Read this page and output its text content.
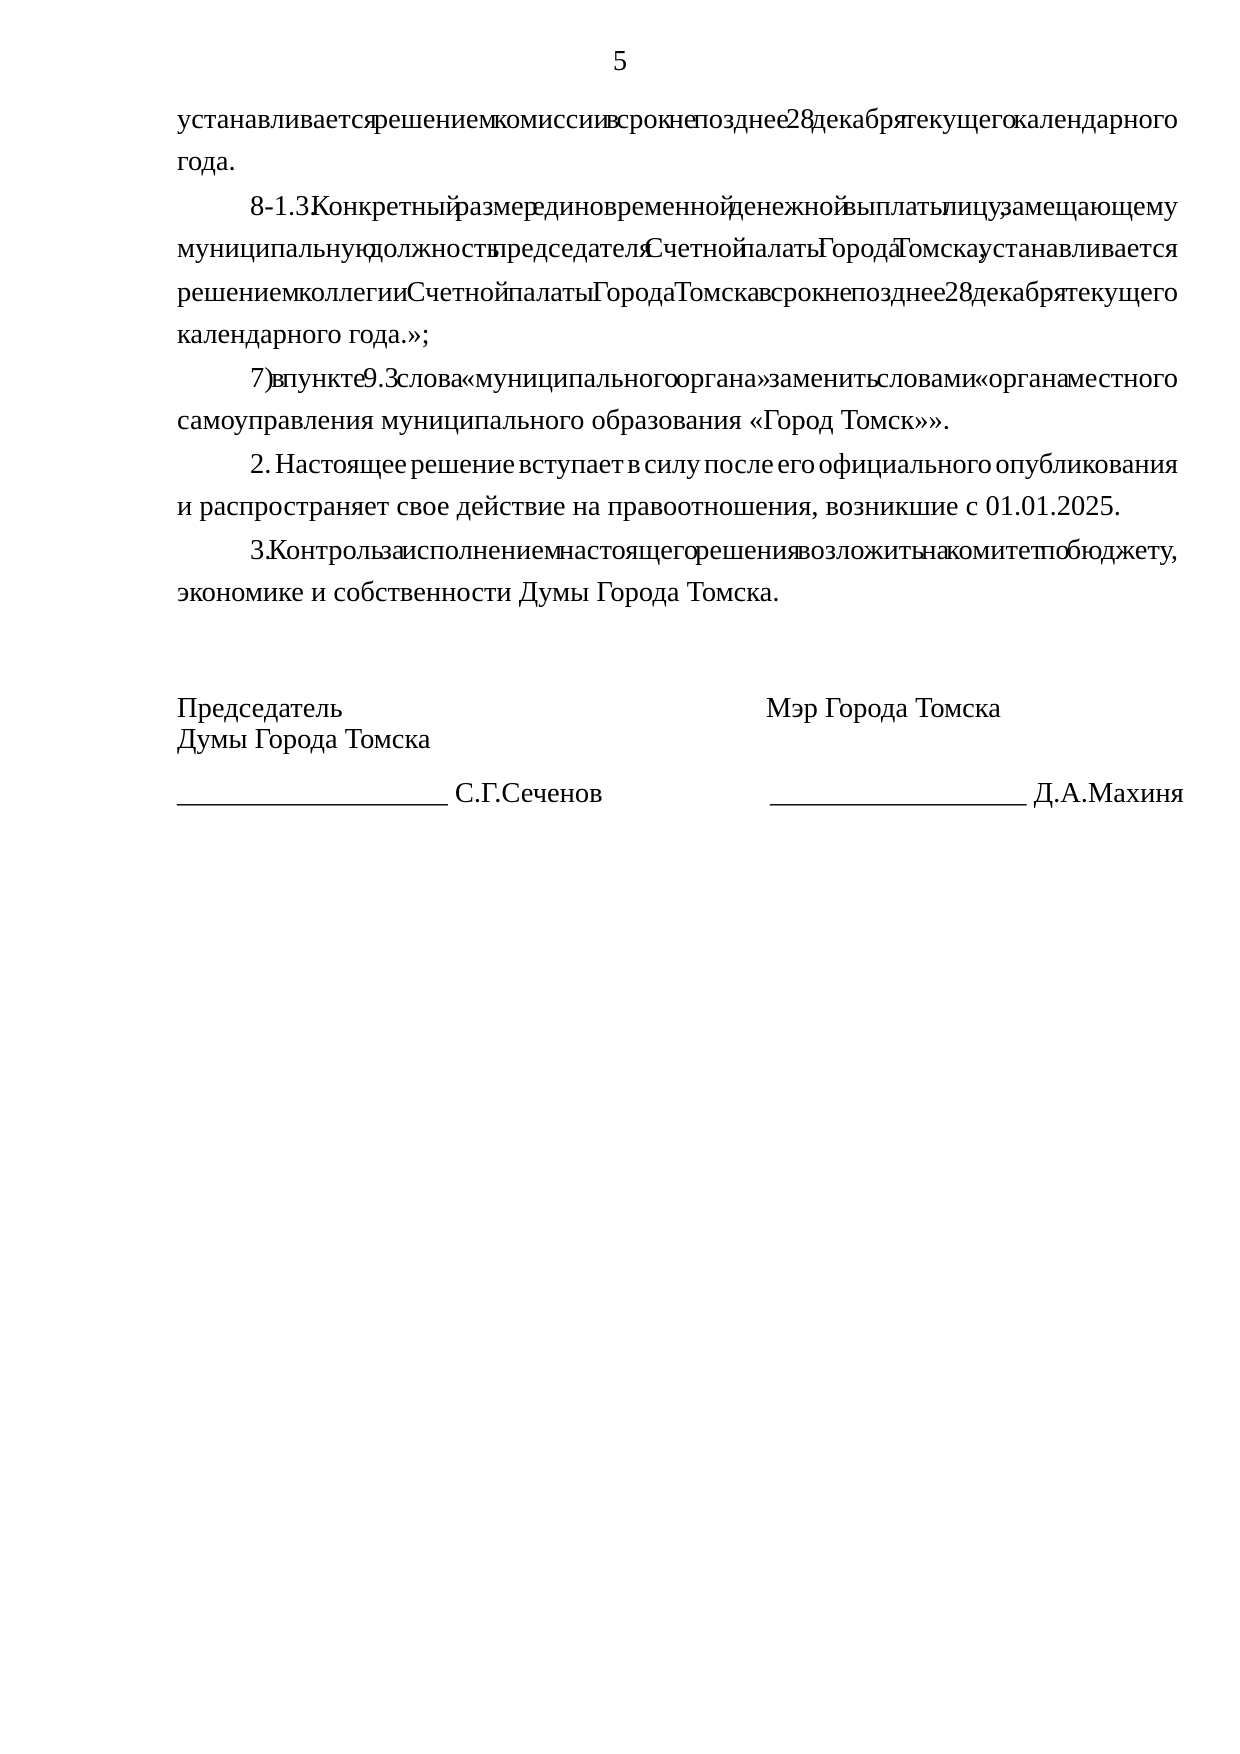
5
устанавливается решением комиссии в срок не позднее 28 декабря текущего календарного
года.
8-1.3. Конкретный размер единовременной денежной выплаты лицу, замещающему
муниципальную должность председателя Счетной палаты Города Томска, устанавливается
решением коллегии Счетной палаты Города Томска в срок не позднее 28 декабря текущего
календарного года.»;
7) в пункте 9.3 слова «муниципального органа» заменить словами «органа местного
самоуправления муниципального образования «Город Томск»».
2. Настоящее решение вступает в силу после его официального опубликования
и распространяет свое действие на правоотношения, возникшие с 01.01.2025.
3. Контроль за исполнением настоящего решения возложить на комитет по бюджету,
экономике и собственности Думы Города Томска.
Председатель
Думы Города Томска
___________________ С.Г.Сеченов
Мэр Города Томска
__________________ Д.А.Махиня
